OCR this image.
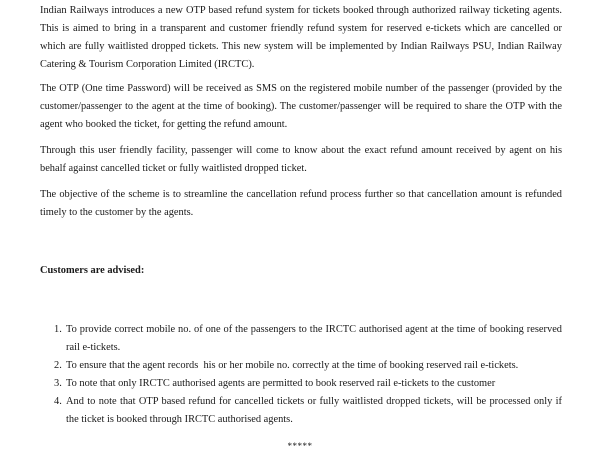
Indian Railways introduces a new OTP based refund system for tickets booked through authorized railway ticketing agents. This is aimed to bring in a transparent and customer friendly refund system for reserved e-tickets which are cancelled or which are fully waitlisted dropped tickets. This new system will be implemented by Indian Railways PSU, Indian Railway Catering & Tourism Corporation Limited (IRCTC).

The OTP (One time Password) will be received as SMS on the registered mobile number of the passenger (provided by the customer/passenger to the agent at the time of booking). The customer/passenger will be required to share the OTP with the agent who booked the ticket, for getting the refund amount.

Through this user friendly facility, passenger will come to know about the exact refund amount received by agent on his behalf against cancelled ticket or fully waitlisted dropped ticket.

The objective of the scheme is to streamline the cancellation refund process further so that cancellation amount is refunded timely to the customer by the agents.

Customers are advised:

1. To provide correct mobile no. of one of the passengers to the IRCTC authorised agent at the time of booking reserved rail e-tickets.
2. To ensure that the agent records  his or her mobile no. correctly at the time of booking reserved rail e-tickets.
3. To note that only IRCTC authorised agents are permitted to book reserved rail e-tickets to the customer
4. And to note that OTP based refund for cancelled tickets or fully waitlisted dropped tickets, will be processed only if the ticket is booked through IRCTC authorised agents.
*****
